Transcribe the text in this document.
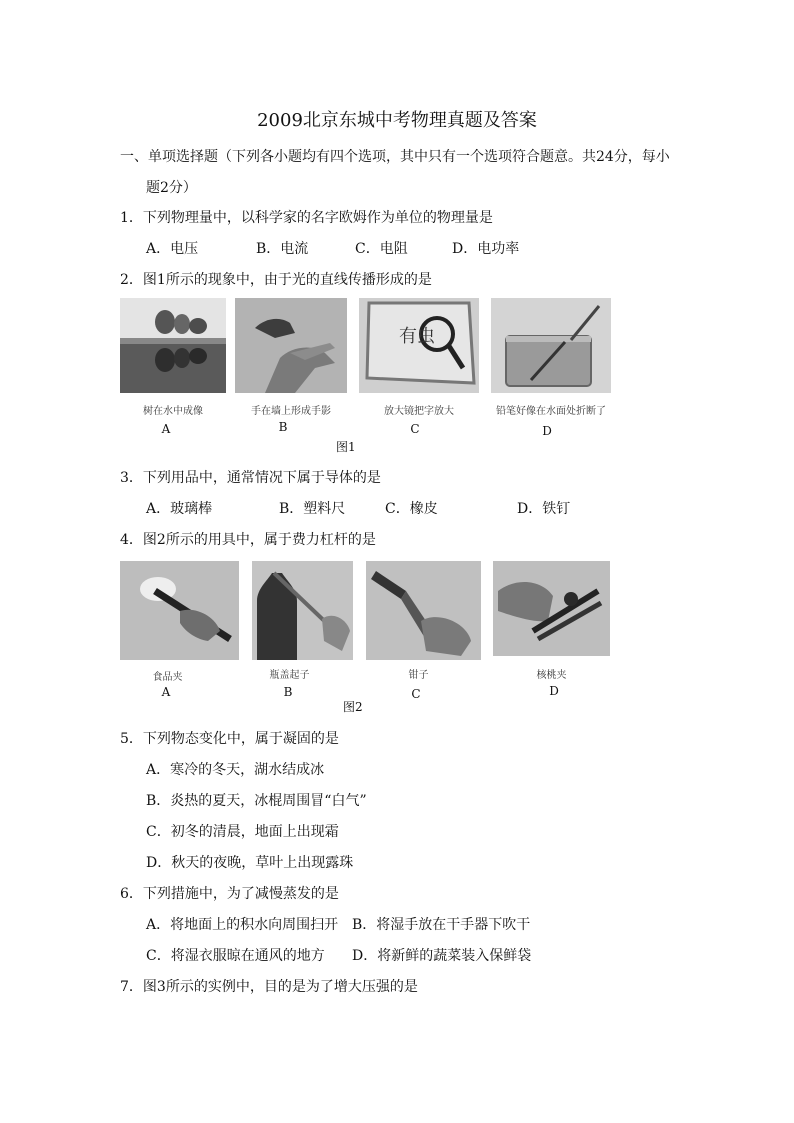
2009北京东城中考物理真题及答案
一、单项选择题（下列各小题均有四个选项，其中只有一个选项符合题意。共24分，每小
题2分）
1．下列物理量中，以科学家的名字欧姆作为单位的物理量是
A．电压	B．电流	C．电阻	D．电功率
2．图1所示的现象中，由于光的直线传播形成的是
有虫
树在水中成像	手在墙上形成手影	放大镜把字放大	铅笔好像在水面处折断了
A	B	C	D
图1
3．下列用品中，通常情况下属于导体的是
A．玻璃棒	B．塑料尺	C．橡皮	D．铁钉
4．图2所示的用具中，属于费力杠杆的是
食品夹	瓶盖起子	钳子	核桃夹
A	B	C	D
图2
5．下列物态变化中，属于凝固的是
A．寒冷的冬天，湖水结成冰
B．炎热的夏天，冰棍周围冒“白气”
C．初冬的清晨，地面上出现霜
D．秋天的夜晚，草叶上出现露珠
6．下列措施中，为了减慢蒸发的是
A．将地面上的积水向周围扫开 B．将湿手放在干手器下吹干
C．将湿衣服晾在通风的地方 D．将新鲜的蔬菜装入保鲜袋
7．图3所示的实例中，目的是为了增大压强的是
